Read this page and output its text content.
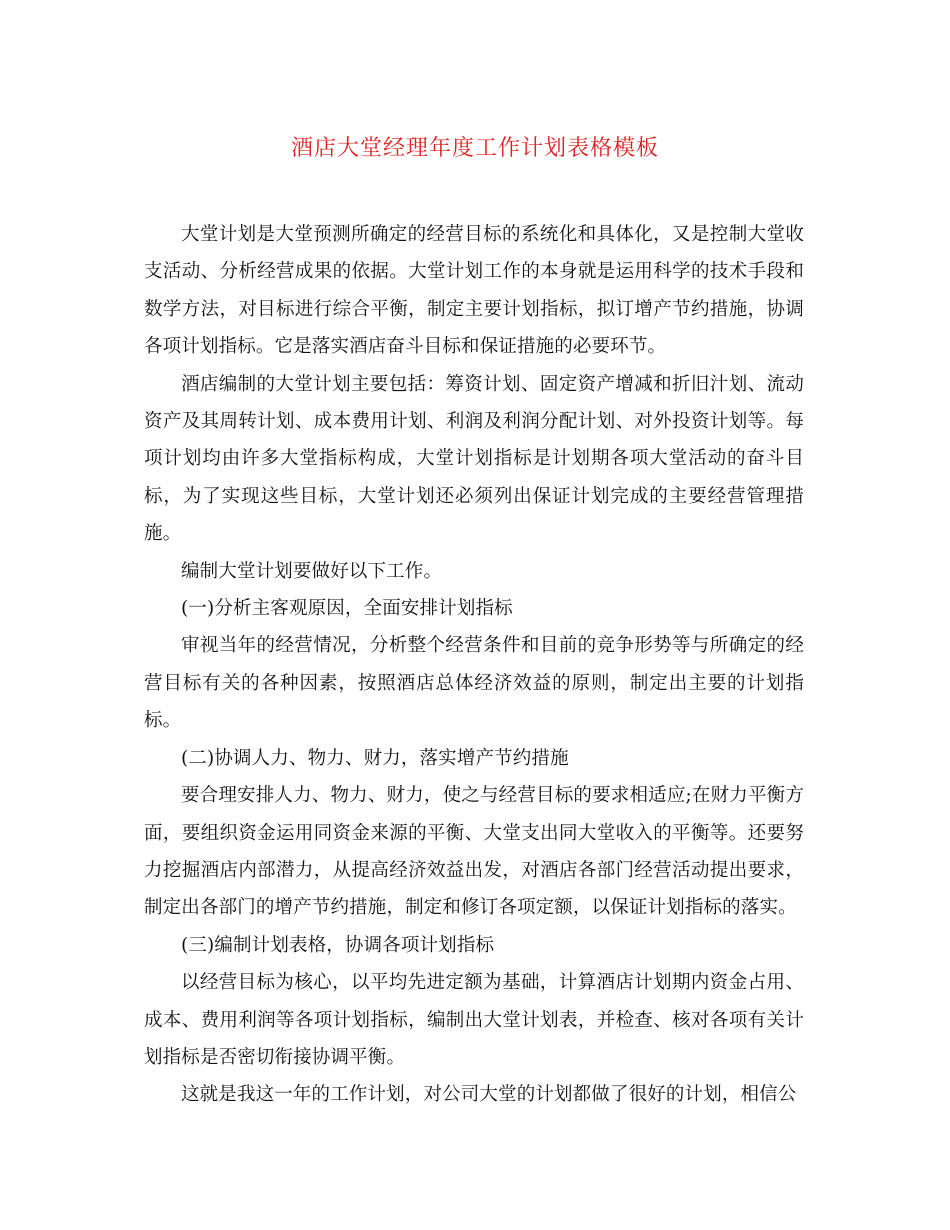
酒店大堂经理年度工作计划表格模板

大堂计划是大堂预测所确定的经营目标的系统化和具体化，又是控制大堂收支活动、分析经营成果的依据。大堂计划工作的本身就是运用科学的技术手段和数学方法，对目标进行综合平衡，制定主要计划指标，拟订增产节约措施，协调各项计划指标。它是落实酒店奋斗目标和保证措施的必要环节。

酒店编制的大堂计划主要包括：筹资计划、固定资产增减和折旧汁划、流动资产及其周转计划、成本费用计划、利润及利润分配计划、对外投资计划等。每项计划均由许多大堂指标构成，大堂计划指标是计划期各项大堂活动的奋斗目标，为了实现这些目标，大堂计划还必须列出保证计划完成的主要经营管理措施。

编制大堂计划要做好以下工作。

(一)分析主客观原因，全面安排计划指标

审视当年的经营情况，分析整个经营条件和目前的竞争形势等与所确定的经营目标有关的各种因素，按照酒店总体经济效益的原则，制定出主要的计划指标。

(二)协调人力、物力、财力，落实增产节约措施

要合理安排人力、物力、财力，使之与经营目标的要求相适应;在财力平衡方面，要组织资金运用同资金来源的平衡、大堂支出同大堂收入的平衡等。还要努力挖掘酒店内部潜力，从提高经济效益出发，对酒店各部门经营活动提出要求，制定出各部门的增产节约措施，制定和修订各项定额，以保证计划指标的落实。

(三)编制计划表格，协调各项计划指标

以经营目标为核心，以平均先进定额为基础，计算酒店计划期内资金占用、成本、费用利润等各项计划指标，编制出大堂计划表，并检查、核对各项有关计划指标是否密切衔接协调平衡。

这就是我这一年的工作计划，对公司大堂的计划都做了很好的计划，相信公
